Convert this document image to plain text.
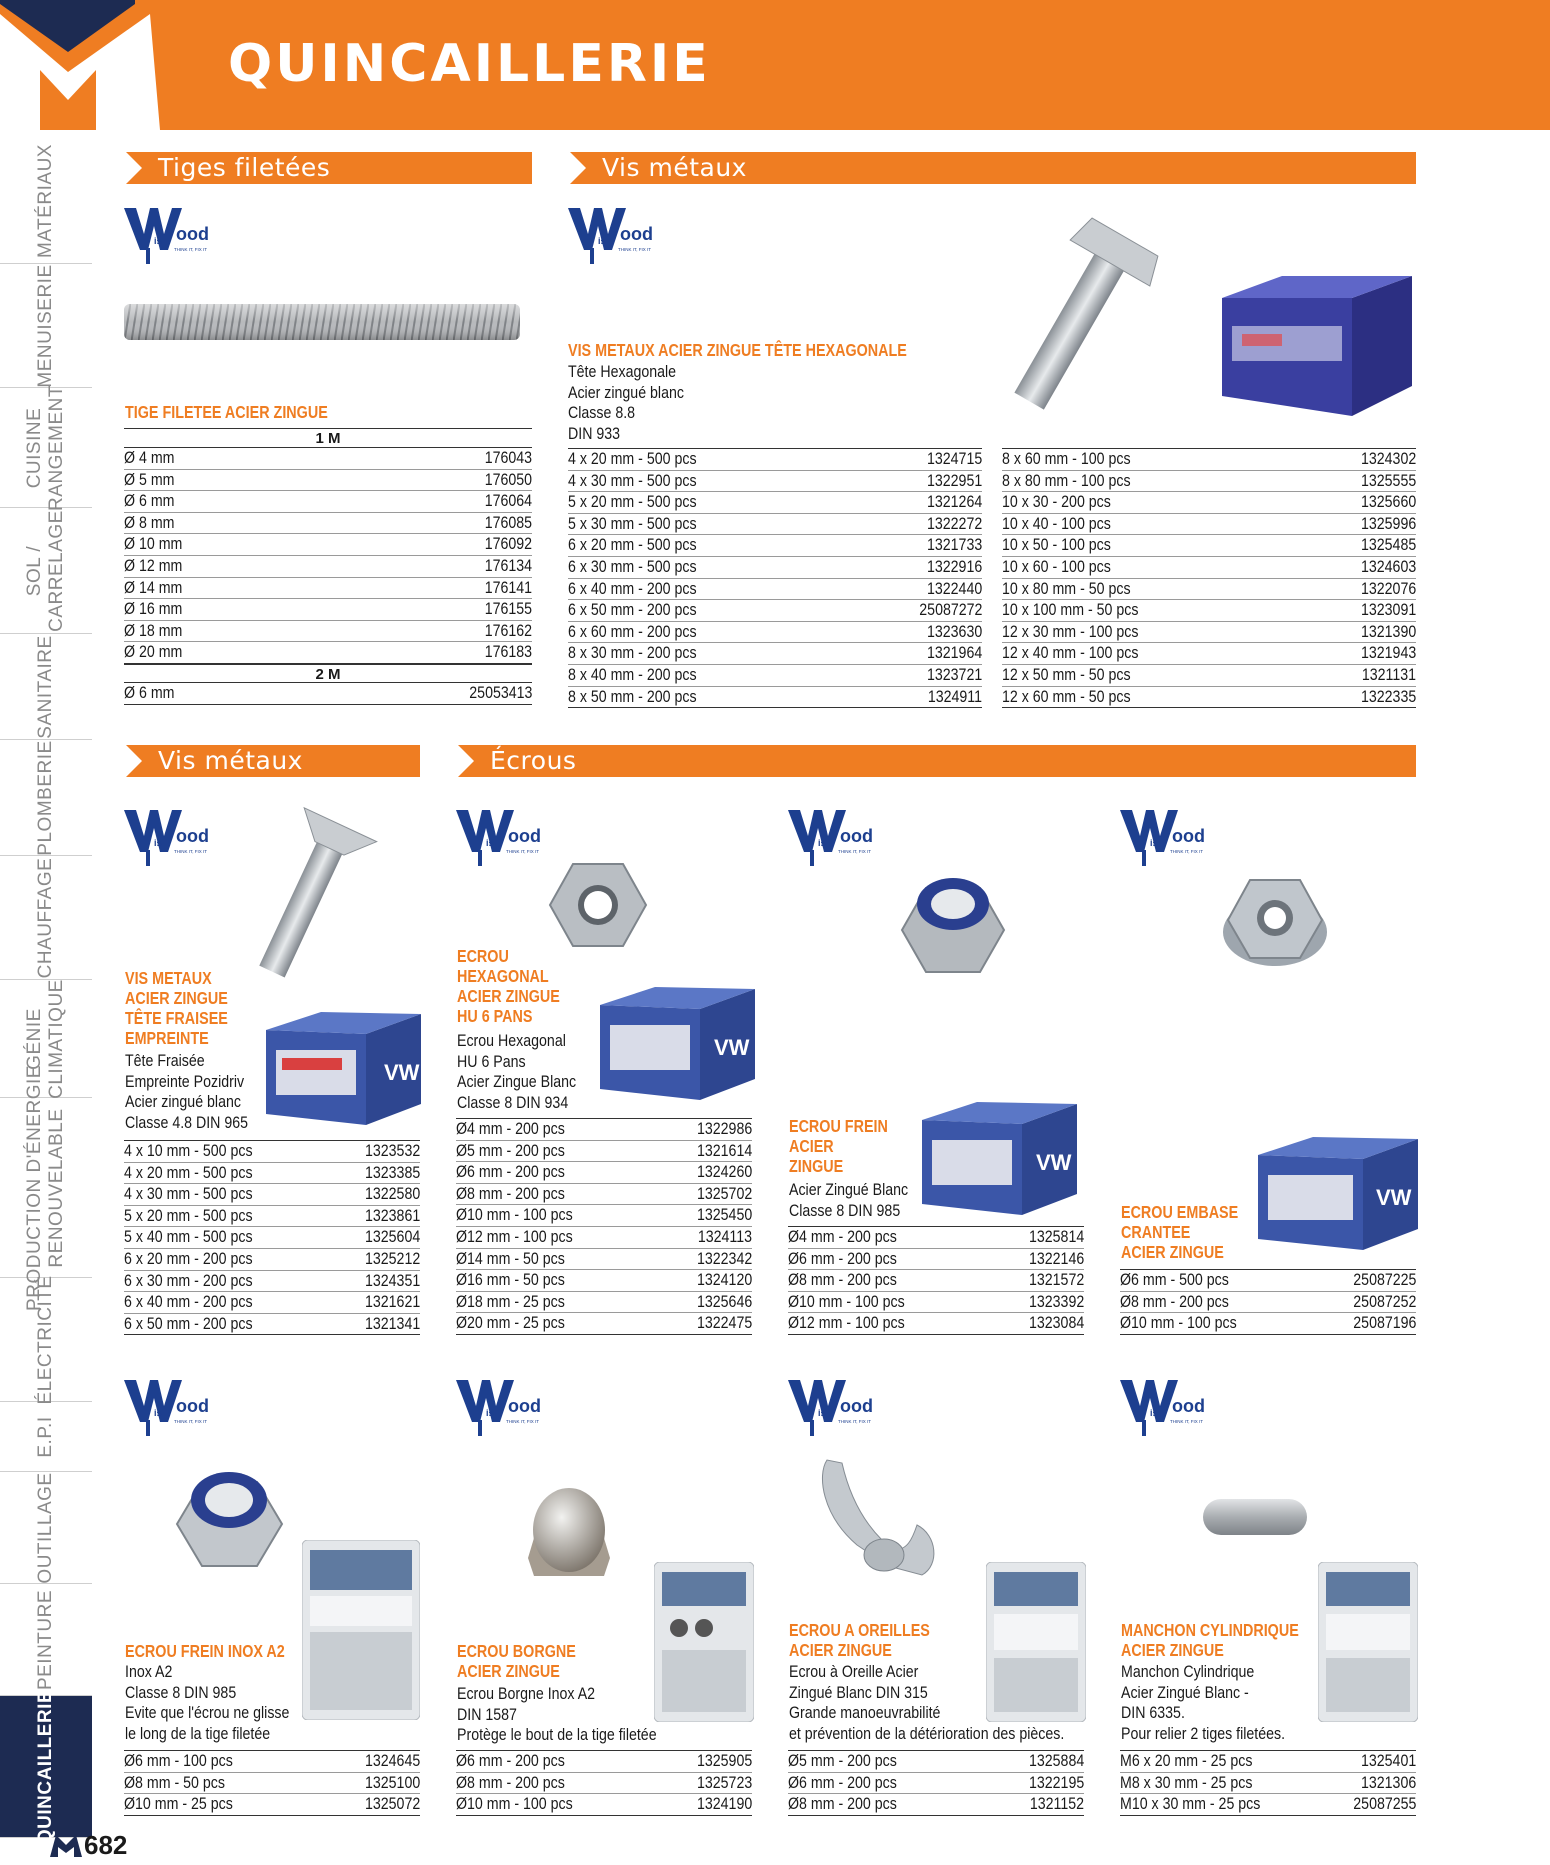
QUINCAILLERIE
MATÉRIAUX
MENUISERIE
CUISINE
RANGEMENT
SOL /
CARRELAGE
SANITAIRE
PLOMBERIE
CHAUFFAGE
GÉNIE
CLIMATIQUE
PRODUCTION D'ÉNERGIE
RENOUVELABLE
ÉLECTRICITÉ
E.P.I
OUTILLAGE
PEINTURE
QUINCAILLERIE
Tiges filetées	Vis métaux
Vis métaux	Écrous
ood
is
THINK IT, FIX IT
ood
is
THINK IT, FIX IT
ood
is
THINK IT, FIX IT
ood
is
THINK IT, FIX IT
ood
is
THINK IT, FIX IT
ood
is
THINK IT, FIX IT
ood
is
THINK IT, FIX IT
ood
is
THINK IT, FIX IT
ood
is
THINK IT, FIX IT
ood
is
THINK IT, FIX IT
VW
VW
VW
VW
TIGE FILETEE ACIER ZINGUE
1 M
Ø 4 mm	176043
Ø 5 mm	176050
Ø 6 mm	176064
Ø 8 mm	176085
Ø 10 mm	176092
Ø 12 mm	176134
Ø 14 mm	176141
Ø 16 mm	176155
Ø 18 mm	176162
Ø 20 mm	176183
2 M
Ø 6 mm	25053413
VIS METAUX ACIER ZINGUE TÊTE HEXAGONALE
Tête Hexagonale
Acier zingué blanc
Classe 8.8
DIN 933
4 x 20 mm - 500 pcs	1324715
4 x 30 mm - 500 pcs	1322951
5 x 20 mm - 500 pcs	1321264
5 x 30 mm - 500 pcs	1322272
6 x 20 mm - 500 pcs	1321733
6 x 30 mm - 500 pcs	1322916
6 x 40 mm - 200 pcs	1322440
6 x 50 mm - 200 pcs	25087272
6 x 60 mm - 200 pcs	1323630
8 x 30 mm - 200 pcs	1321964
8 x 40 mm - 200 pcs	1323721
8 x 50 mm - 200 pcs	1324911
8 x 60 mm - 100 pcs	1324302
8 x 80 mm - 100 pcs	1325555
10 x 30 - 200 pcs	1325660
10 x 40 - 100 pcs	1325996
10 x 50 - 100 pcs	1325485
10 x 60 - 100 pcs	1324603
10 x 80 mm - 50 pcs	1322076
10 x 100 mm - 50 pcs	1323091
12 x 30 mm - 100 pcs	1321390
12 x 40 mm - 100 pcs	1321943
12 x 50 mm - 50 pcs	1321131
12 x 60 mm - 50 pcs	1322335
VIS METAUX
ACIER ZINGUE
TÊTE FRAISEE
EMPREINTE
Tête Fraisée
Empreinte Pozidriv
Acier zingué blanc
Classe 4.8 DIN 965
4 x 10 mm - 500 pcs	1323532
4 x 20 mm - 500 pcs	1323385
4 x 30 mm - 500 pcs	1322580
5 x 20 mm - 500 pcs	1323861
5 x 40 mm - 500 pcs	1325604
6 x 20 mm - 200 pcs	1325212
6 x 30 mm - 200 pcs	1324351
6 x 40 mm - 200 pcs	1321621
6 x 50 mm - 200 pcs	1321341
ECROU
HEXAGONAL
ACIER ZINGUE
HU 6 PANS
Ecrou Hexagonal
HU 6 Pans
Acier Zingue Blanc
Classe 8 DIN 934
Ø4 mm - 200 pcs	1322986
Ø5 mm - 200 pcs	1321614
Ø6 mm - 200 pcs	1324260
Ø8 mm - 200 pcs	1325702
Ø10 mm - 100 pcs	1325450
Ø12 mm - 100 pcs	1324113
Ø14 mm - 50 pcs	1322342
Ø16 mm - 50 pcs	1324120
Ø18 mm - 25 pcs	1325646
Ø20 mm - 25 pcs	1322475
ECROU FREIN
ACIER
ZINGUE
Acier Zingué Blanc
Classe 8 DIN 985
Ø4 mm - 200 pcs	1325814
Ø6 mm - 200 pcs	1322146
Ø8 mm - 200 pcs	1321572
Ø10 mm - 100 pcs	1323392
Ø12 mm - 100 pcs	1323084
ECROU EMBASE
CRANTEE
ACIER ZINGUE
Ø6 mm - 500 pcs	25087225
Ø8 mm - 200 pcs	25087252
Ø10 mm - 100 pcs	25087196
ECROU FREIN INOX A2
Inox A2
Classe 8 DIN 985
Evite que l'écrou ne glisse
le long de la tige filetée
Ø6 mm - 100 pcs	1324645
Ø8 mm - 50 pcs	1325100
Ø10 mm - 25 pcs	1325072
ECROU BORGNE
ACIER ZINGUE
Ecrou Borgne Inox A2
DIN 1587
Protège le bout de la tige filetée
Ø6 mm - 200 pcs	1325905
Ø8 mm - 200 pcs	1325723
Ø10 mm - 100 pcs	1324190
ECROU A OREILLES
ACIER ZINGUE
Ecrou à Oreille Acier
Zingué Blanc DIN 315
Grande manoeuvrabilité
et prévention de la détérioration des pièces.
Ø5 mm - 200 pcs	1325884
Ø6 mm - 200 pcs	1322195
Ø8 mm - 200 pcs	1321152
MANCHON CYLINDRIQUE
ACIER ZINGUE
Manchon Cylindrique
Acier Zingué Blanc -
DIN 6335.
Pour relier 2 tiges filetées.
M6 x 20 mm - 25 pcs	1325401
M8 x 30 mm - 25 pcs	1321306
M10 x 30 mm - 25 pcs	25087255
682
